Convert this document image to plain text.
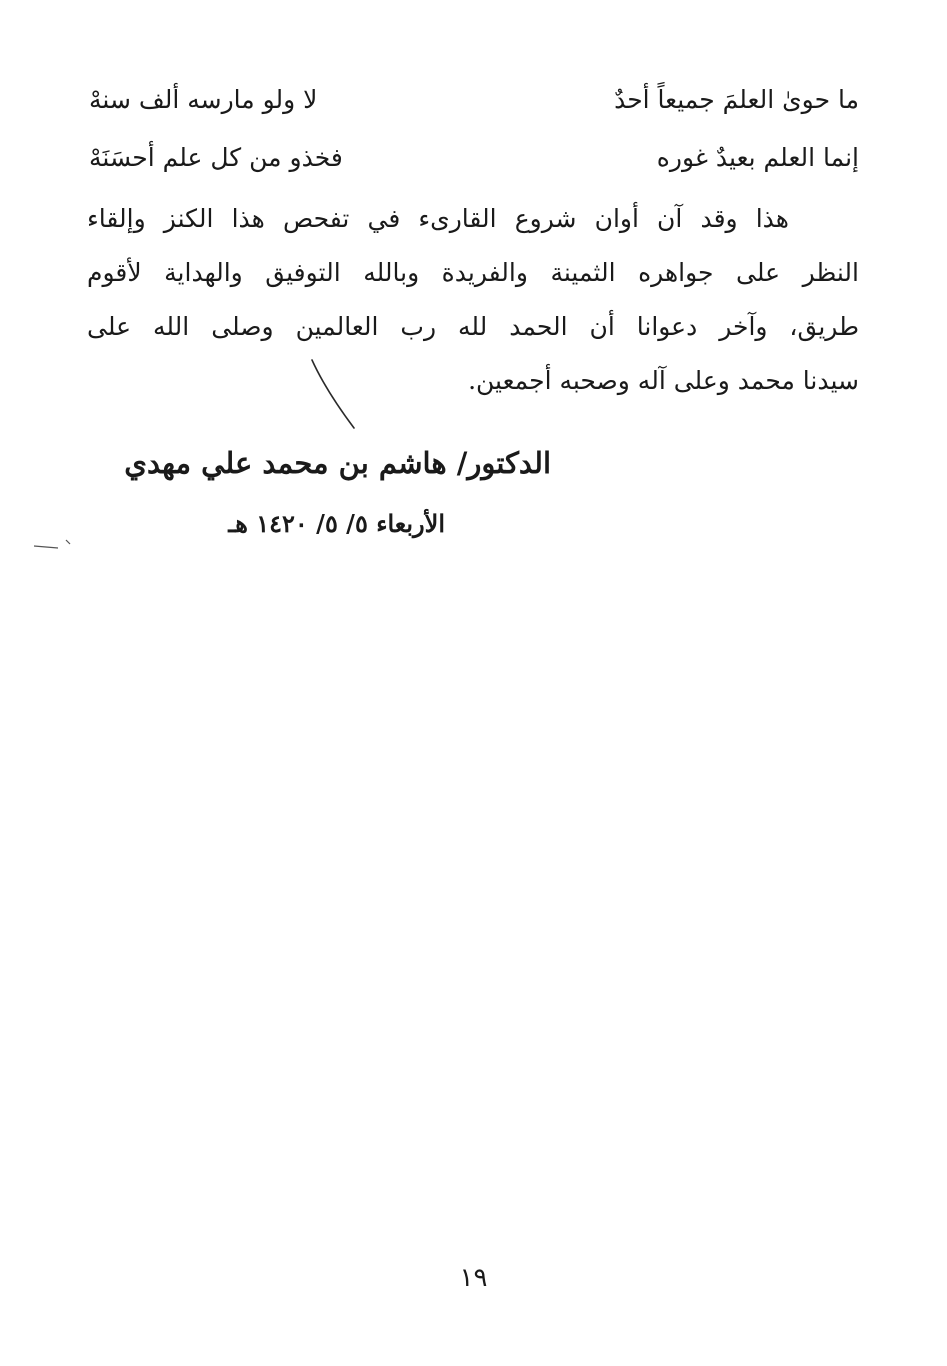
ما حوىٰ العلمَ جميعاً أحدٌ
لا ولو مارسه ألف سنهْ
إنما العلم بعيدٌ غوره
فخذو من كل علم أحسَنَهْ
هذا وقد آن أوان شروع القارىء في تفحص هذا الكنز وإلقاء
النظر على جواهره الثمينة والفريدة وبالله التوفيق والهداية لأقوم
طريق، وآخر دعوانا أن الحمد لله رب العالمين وصلى الله على
سيدنا محمد وعلى آله وصحبه أجمعين.
الدكتور/ هاشم بن محمد علي مهدي
الأربعاء ٥/ ٥/ ١٤٢٠ هـ
١٩
